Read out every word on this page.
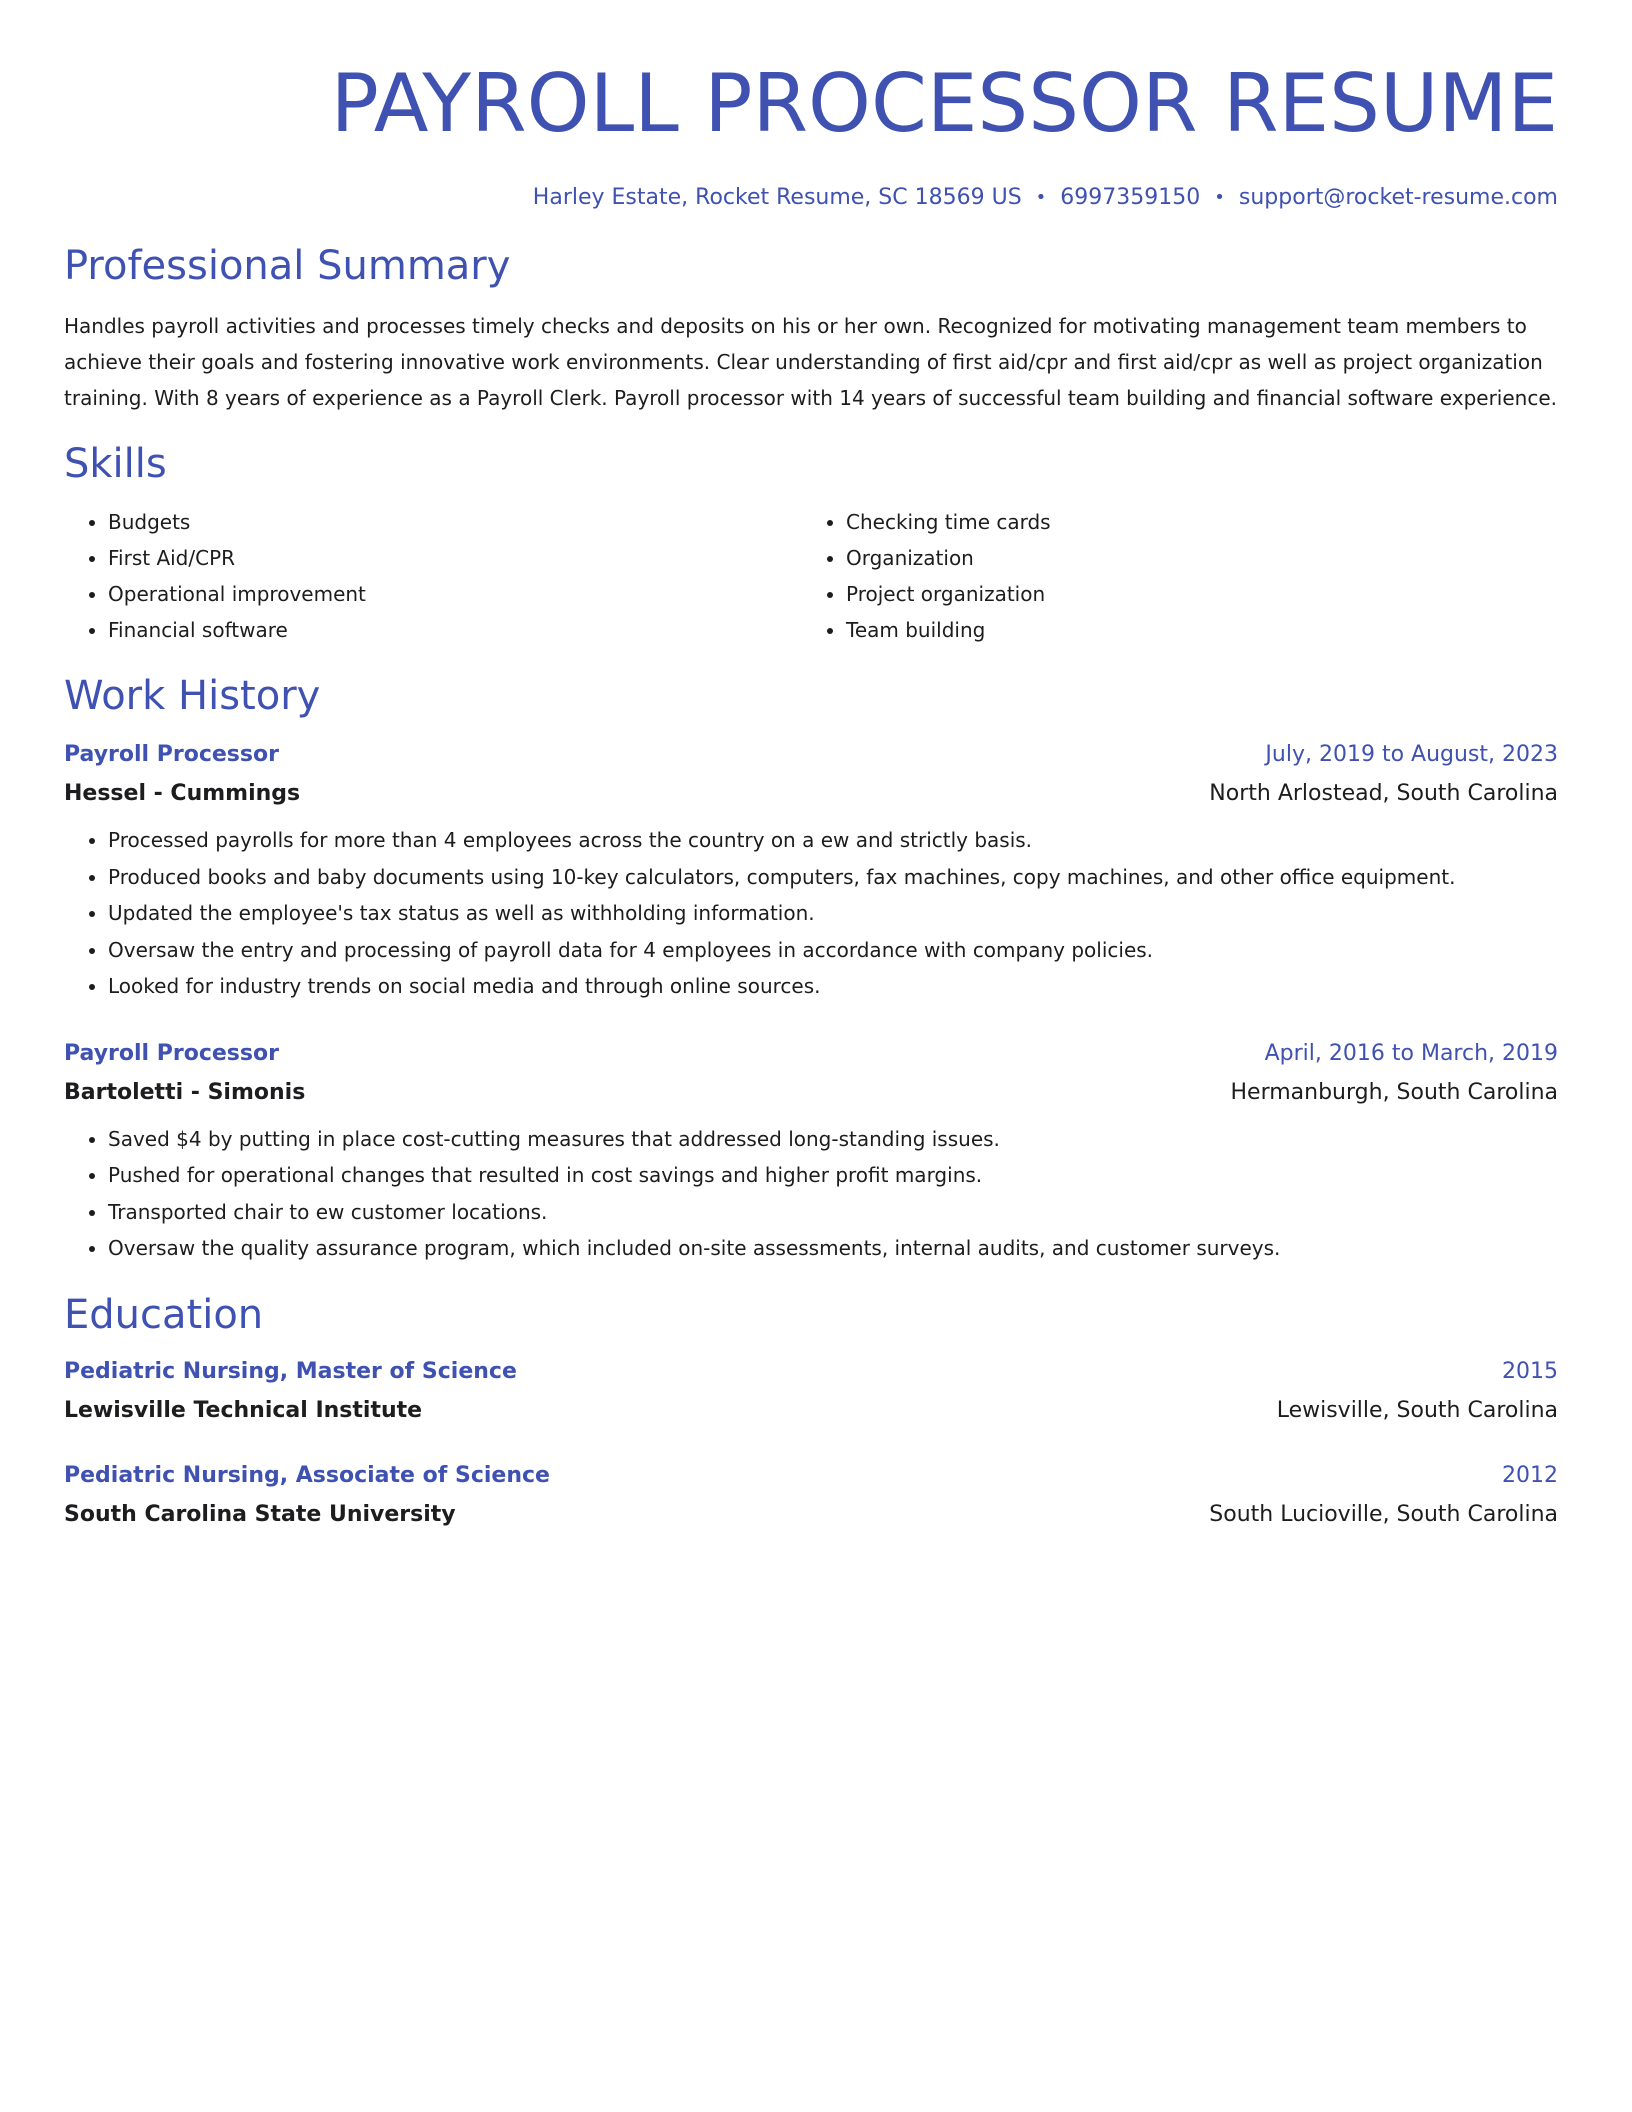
PAYROLL PROCESSOR RESUME
Harley Estate, Rocket Resume, SC 18569 US • 6997359150 • support@rocket-resume.com
Professional Summary

Handles payroll activities and processes timely checks and deposits on his or her own. Recognized for motivating management team members to achieve their goals and fostering innovative work environments. Clear understanding of first aid/cpr and first aid/cpr as well as project organization training. With 8 years of experience as a Payroll Clerk. Payroll processor with 14 years of successful team building and financial software experience.

Skills
• Budgets
• First Aid/CPR
• Operational improvement
• Financial software
• Checking time cards
• Organization
• Project organization
• Team building
Work History
Payroll Processor	July, 2019 to August, 2023
Hessel - Cummings	North Arlostead, South Carolina
• Processed payrolls for more than 4 employees across the country on a ew and strictly basis.
• Produced books and baby documents using 10-key calculators, computers, fax machines, copy machines, and other office equipment.
• Updated the employee's tax status as well as withholding information.
• Oversaw the entry and processing of payroll data for 4 employees in accordance with company policies.
• Looked for industry trends on social media and through online sources.
Payroll Processor	April, 2016 to March, 2019
Bartoletti - Simonis	Hermanburgh, South Carolina
• Saved $4 by putting in place cost-cutting measures that addressed long-standing issues.
• Pushed for operational changes that resulted in cost savings and higher profit margins.
• Transported chair to ew customer locations.
• Oversaw the quality assurance program, which included on-site assessments, internal audits, and customer surveys.
Education
Pediatric Nursing, Master of Science	2015
Lewisville Technical Institute	Lewisville, South Carolina
Pediatric Nursing, Associate of Science	2012
South Carolina State University	South Lucioville, South Carolina
